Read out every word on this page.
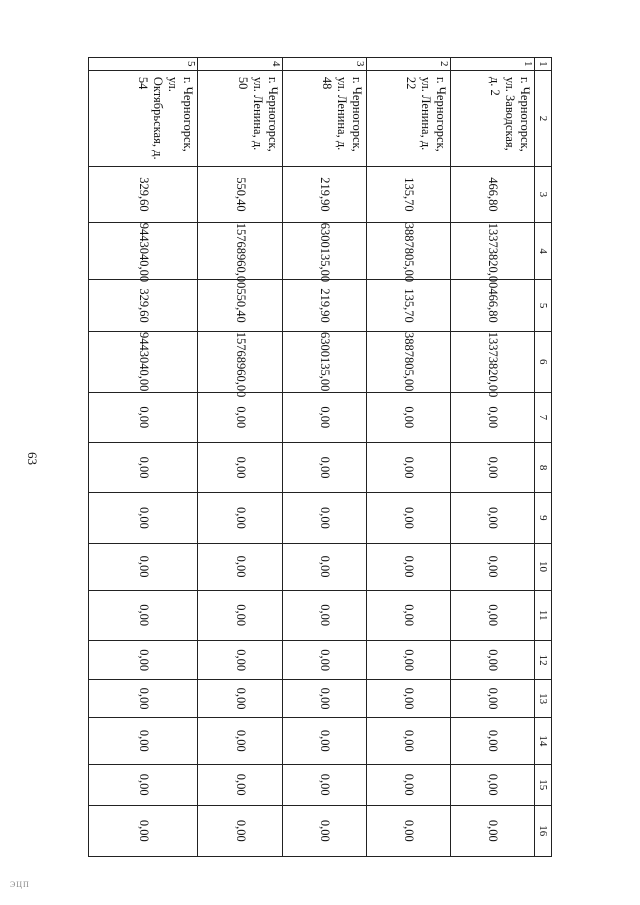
63
ЭЦП
1	2	3	4	5	6	7	8	9	10	11	12	13	14	15	16
1	г. Черногорск, ул. Заводская, д. 2	466,80	13373820,00	466,80	13373820,00	0,00	0,00	0,00	0,00	0,00	0,00	0,00	0,00	0,00	0,00
2	г. Черногорск, ул. Ленина, д. 22	135,70	3887805,00	135,70	3887805,00	0,00	0,00	0,00	0,00	0,00	0,00	0,00	0,00	0,00	0,00
3	г. Черногорск, ул. Ленина, д. 48	219,90	6300135,00	219,90	6300135,00	0,00	0,00	0,00	0,00	0,00	0,00	0,00	0,00	0,00	0,00
4	г. Черногорск, ул. Ленина, д. 50	550,40	15768960,00	550,40	15768960,00	0,00	0,00	0,00	0,00	0,00	0,00	0,00	0,00	0,00	0,00
5	г. Черногорск, ул. Октябрьская, д. 54	329,60	9443040,00	329,60	9443040,00	0,00	0,00	0,00	0,00	0,00	0,00	0,00	0,00	0,00	0,00
